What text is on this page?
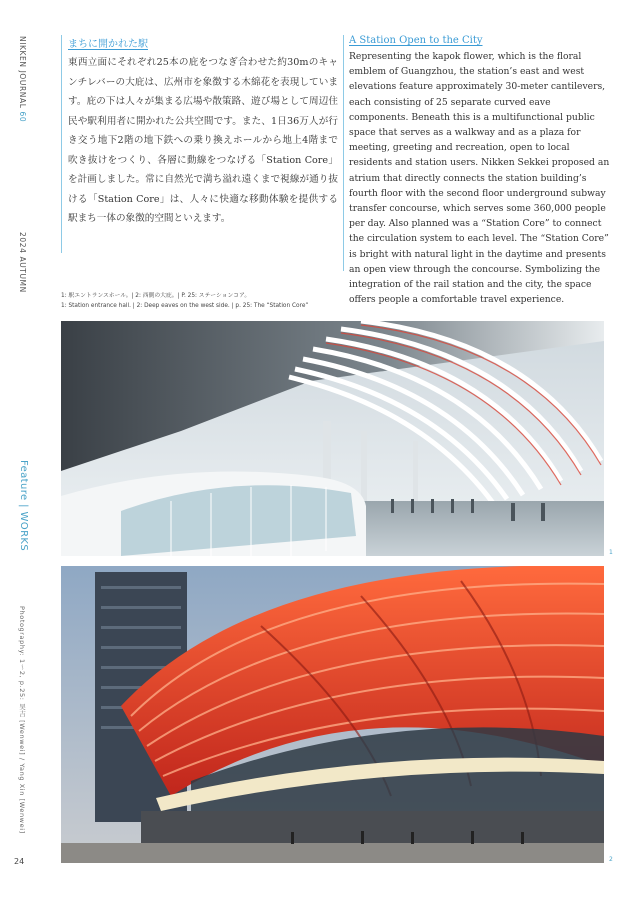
NIKKEN JOURNAL 60
2024 AUTUMN
Feature | WORKS
Photography: 1〜2, p.25: 吴吉 [Wenwei] / Yang Xin [Wenwei]
24
まちに開かれた駅

東西立面にそれぞれ25本の庇をつなぎ合わせた約30mのキャンチレバーの大庇は、広州市を象徴する木綿花を表現しています。庇の下は人々が集まる広場や散策路、遊び場として周辺住民や駅利用者に開かれた公共空間です。また、1日36万人が行き交う地下2階の地下鉄への乗り換えホールから地上4階まで吹き抜けをつくり、各層に動線をつなげる「Station Core」を計画しました。常に自然光で満ち溢れ遠くまで視線が通り抜ける「Station Core」は、人々に快適な移動体験を提供する駅まち一体の象徴的空間といえます。

A Station Open to the City

Representing the kapok flower, which is the floral emblem of Guangzhou, the station’s east and west elevations feature approximately 30-meter cantilevers, each consisting of 25 separate curved eave components. Beneath this is a multifunctional public space that serves as a walkway and as a plaza for meeting, greeting and recreation, open to local residents and station users. Nikken Sekkei proposed an atrium that directly connects the station building’s fourth floor with the second floor underground subway transfer concourse, which serves some 360,000 people per day. Also planned was a “Station Core” to connect the circulation system to each level. The “Station Core” is bright with natural light in the daytime and presents an open view through the concourse. Symbolizing the integration of the rail station and the city, the space offers people a comfortable travel experience.

1: 駅エントランスホール。| 2: 西側の大庇。| P. 25: ステーションコア。
1: Station entrance hall. | 2: Deep eaves on the west side. | p. 25: The “Station Core”
1
2
